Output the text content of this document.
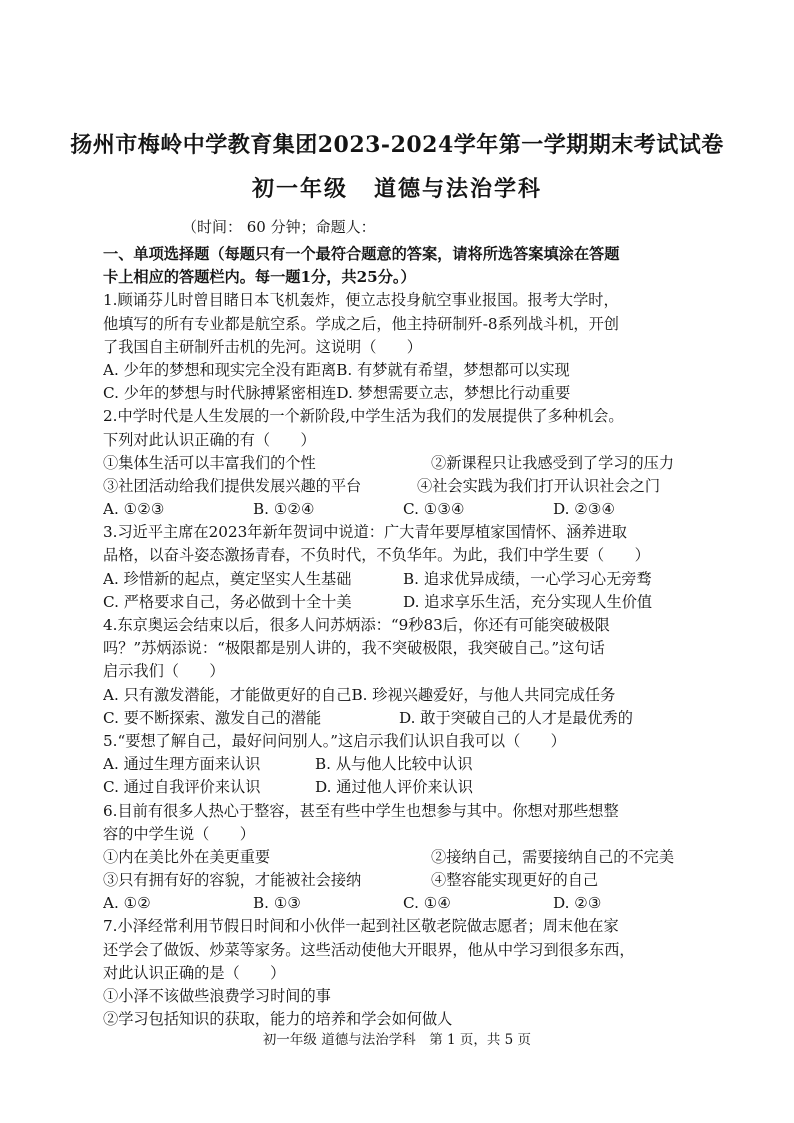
扬州市梅岭中学教育集团2023-2024学年第一学期期末考试试卷
初一年级 道德与法治学科
（时间： 60 分钟；命题人：
一、单项选择题（每题只有一个最符合题意的答案，请将所选答案填涂在答题
卡上相应的答题栏内。每一题1分，共25分。）
1.顾诵芬儿时曾目睹日本飞机轰炸，便立志投身航空事业报国。报考大学时，
他填写的所有专业都是航空系。学成之后，他主持研制歼-8系列战斗机，开创
了我国自主研制歼击机的先河。这说明（　　）
A. 少年的梦想和现实完全没有距离B. 有梦就有希望，梦想都可以实现
C. 少年的梦想与时代脉搏紧密相连D. 梦想需要立志，梦想比行动重要
2.中学时代是人生发展的一个新阶段,中学生活为我们的发展提供了多种机会。
下列对此认识正确的有（　　）
①集体生活可以丰富我们的个性	②新课程只让我感受到了学习的压力
③社团活动给我们提供发展兴趣的平台	④社会实践为我们打开认识社会之门
A. ①②③	B. ①②④	C. ①③④	D. ②③④
3.习近平主席在2023年新年贺词中说道：广大青年要厚植家国情怀、涵养进取
品格，以奋斗姿态激扬青春，不负时代，不负华年。为此，我们中学生要（　　）
A. 珍惜新的起点，奠定坚实人生基础	B. 追求优异成绩，一心学习心无旁骛
C. 严格要求自己，务必做到十全十美	D. 追求享乐生活，充分实现人生价值
4.东京奥运会结束以后，很多人问苏炳添：“9秒83后，你还有可能突破极限
吗？”苏炳添说：“极限都是别人讲的，我不突破极限，我突破自己。”这句话
启示我们（　　）
A. 只有激发潜能，才能做更好的自己B. 珍视兴趣爱好，与他人共同完成任务
C. 要不断探索、激发自己的潜能	D. 敢于突破自己的人才是最优秀的
5.“要想了解自己，最好问问别人。”这启示我们认识自我可以（　　）
A. 通过生理方面来认识	B. 从与他人比较中认识
C. 通过自我评价来认识	D. 通过他人评价来认识
6.目前有很多人热心于整容，甚至有些中学生也想参与其中。你想对那些想整
容的中学生说（　　）
①内在美比外在美更重要	②接纳自己，需要接纳自己的不完美
③只有拥有好的容貌，才能被社会接纳	④整容能实现更好的自己
A. ①②	B. ①③	C. ①④	D. ②③
7.小泽经常利用节假日时间和小伙伴一起到社区敬老院做志愿者；周末他在家
还学会了做饭、炒菜等家务。这些活动使他大开眼界，他从中学习到很多东西，
对此认识正确的是（　　）
①小泽不该做些浪费学习时间的事
②学习包括知识的获取，能力的培养和学会如何做人
初一年级 道德与法治学科　第 1 页，共 5 页
